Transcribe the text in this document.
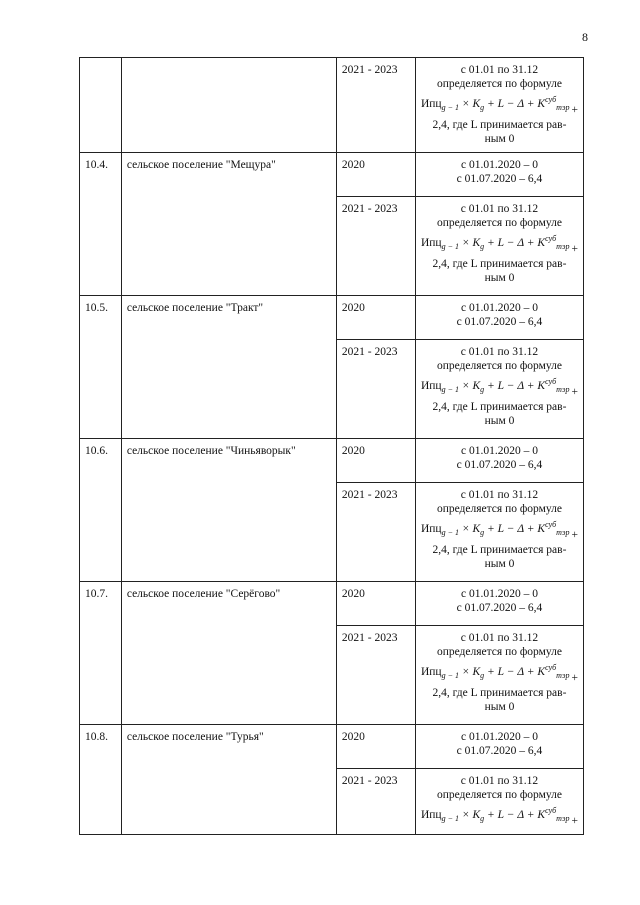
8
		2021 - 2023	с 01.01 по 31.12
определяется по формуле
$Ипц_{g - 1} \times K_g + L - \Delta + K^{суб}_{тэр}$ +
2,4, где L принимается рав-
ным 0

10.4.	сельское поселение "Мещура"	2020	с 01.01.2020 – 0
с 01.07.2020 – 6,4

		2021 - 2023	с 01.01 по 31.12
определяется по формуле
$Ипц_{g - 1} \times K_g + L - \Delta + K^{суб}_{тэр}$ +
2,4, где L принимается рав-
ным 0

10.5.	сельское поселение "Тракт"	2020	с 01.01.2020 – 0
с 01.07.2020 – 6,4

		2021 - 2023	с 01.01 по 31.12
определяется по формуле
$Ипц_{g - 1} \times K_g + L - \Delta + K^{суб}_{тэр}$ +
2,4, где L принимается рав-
ным 0

10.6.	сельское поселение "Чиньяворык"	2020	с 01.01.2020 – 0
с 01.07.2020 – 6,4

		2021 - 2023	с 01.01 по 31.12
определяется по формуле
$Ипц_{g - 1} \times K_g + L - \Delta + K^{суб}_{тэр}$ +
2,4, где L принимается рав-
ным 0

10.7.	сельское поселение "Серёгово"	2020	с 01.01.2020 – 0
с 01.07.2020 – 6,4

		2021 - 2023	с 01.01 по 31.12
определяется по формуле
$Ипц_{g - 1} \times K_g + L - \Delta + K^{суб}_{тэр}$ +
2,4, где L принимается рав-
ным 0

10.8.	сельское поселение "Турья"	2020	с 01.01.2020 – 0
с 01.07.2020 – 6,4

		2021 - 2023	с 01.01 по 31.12
определяется по формуле
$Ипц_{g - 1} \times K_g + L - \Delta + K^{суб}_{тэр}$ +
